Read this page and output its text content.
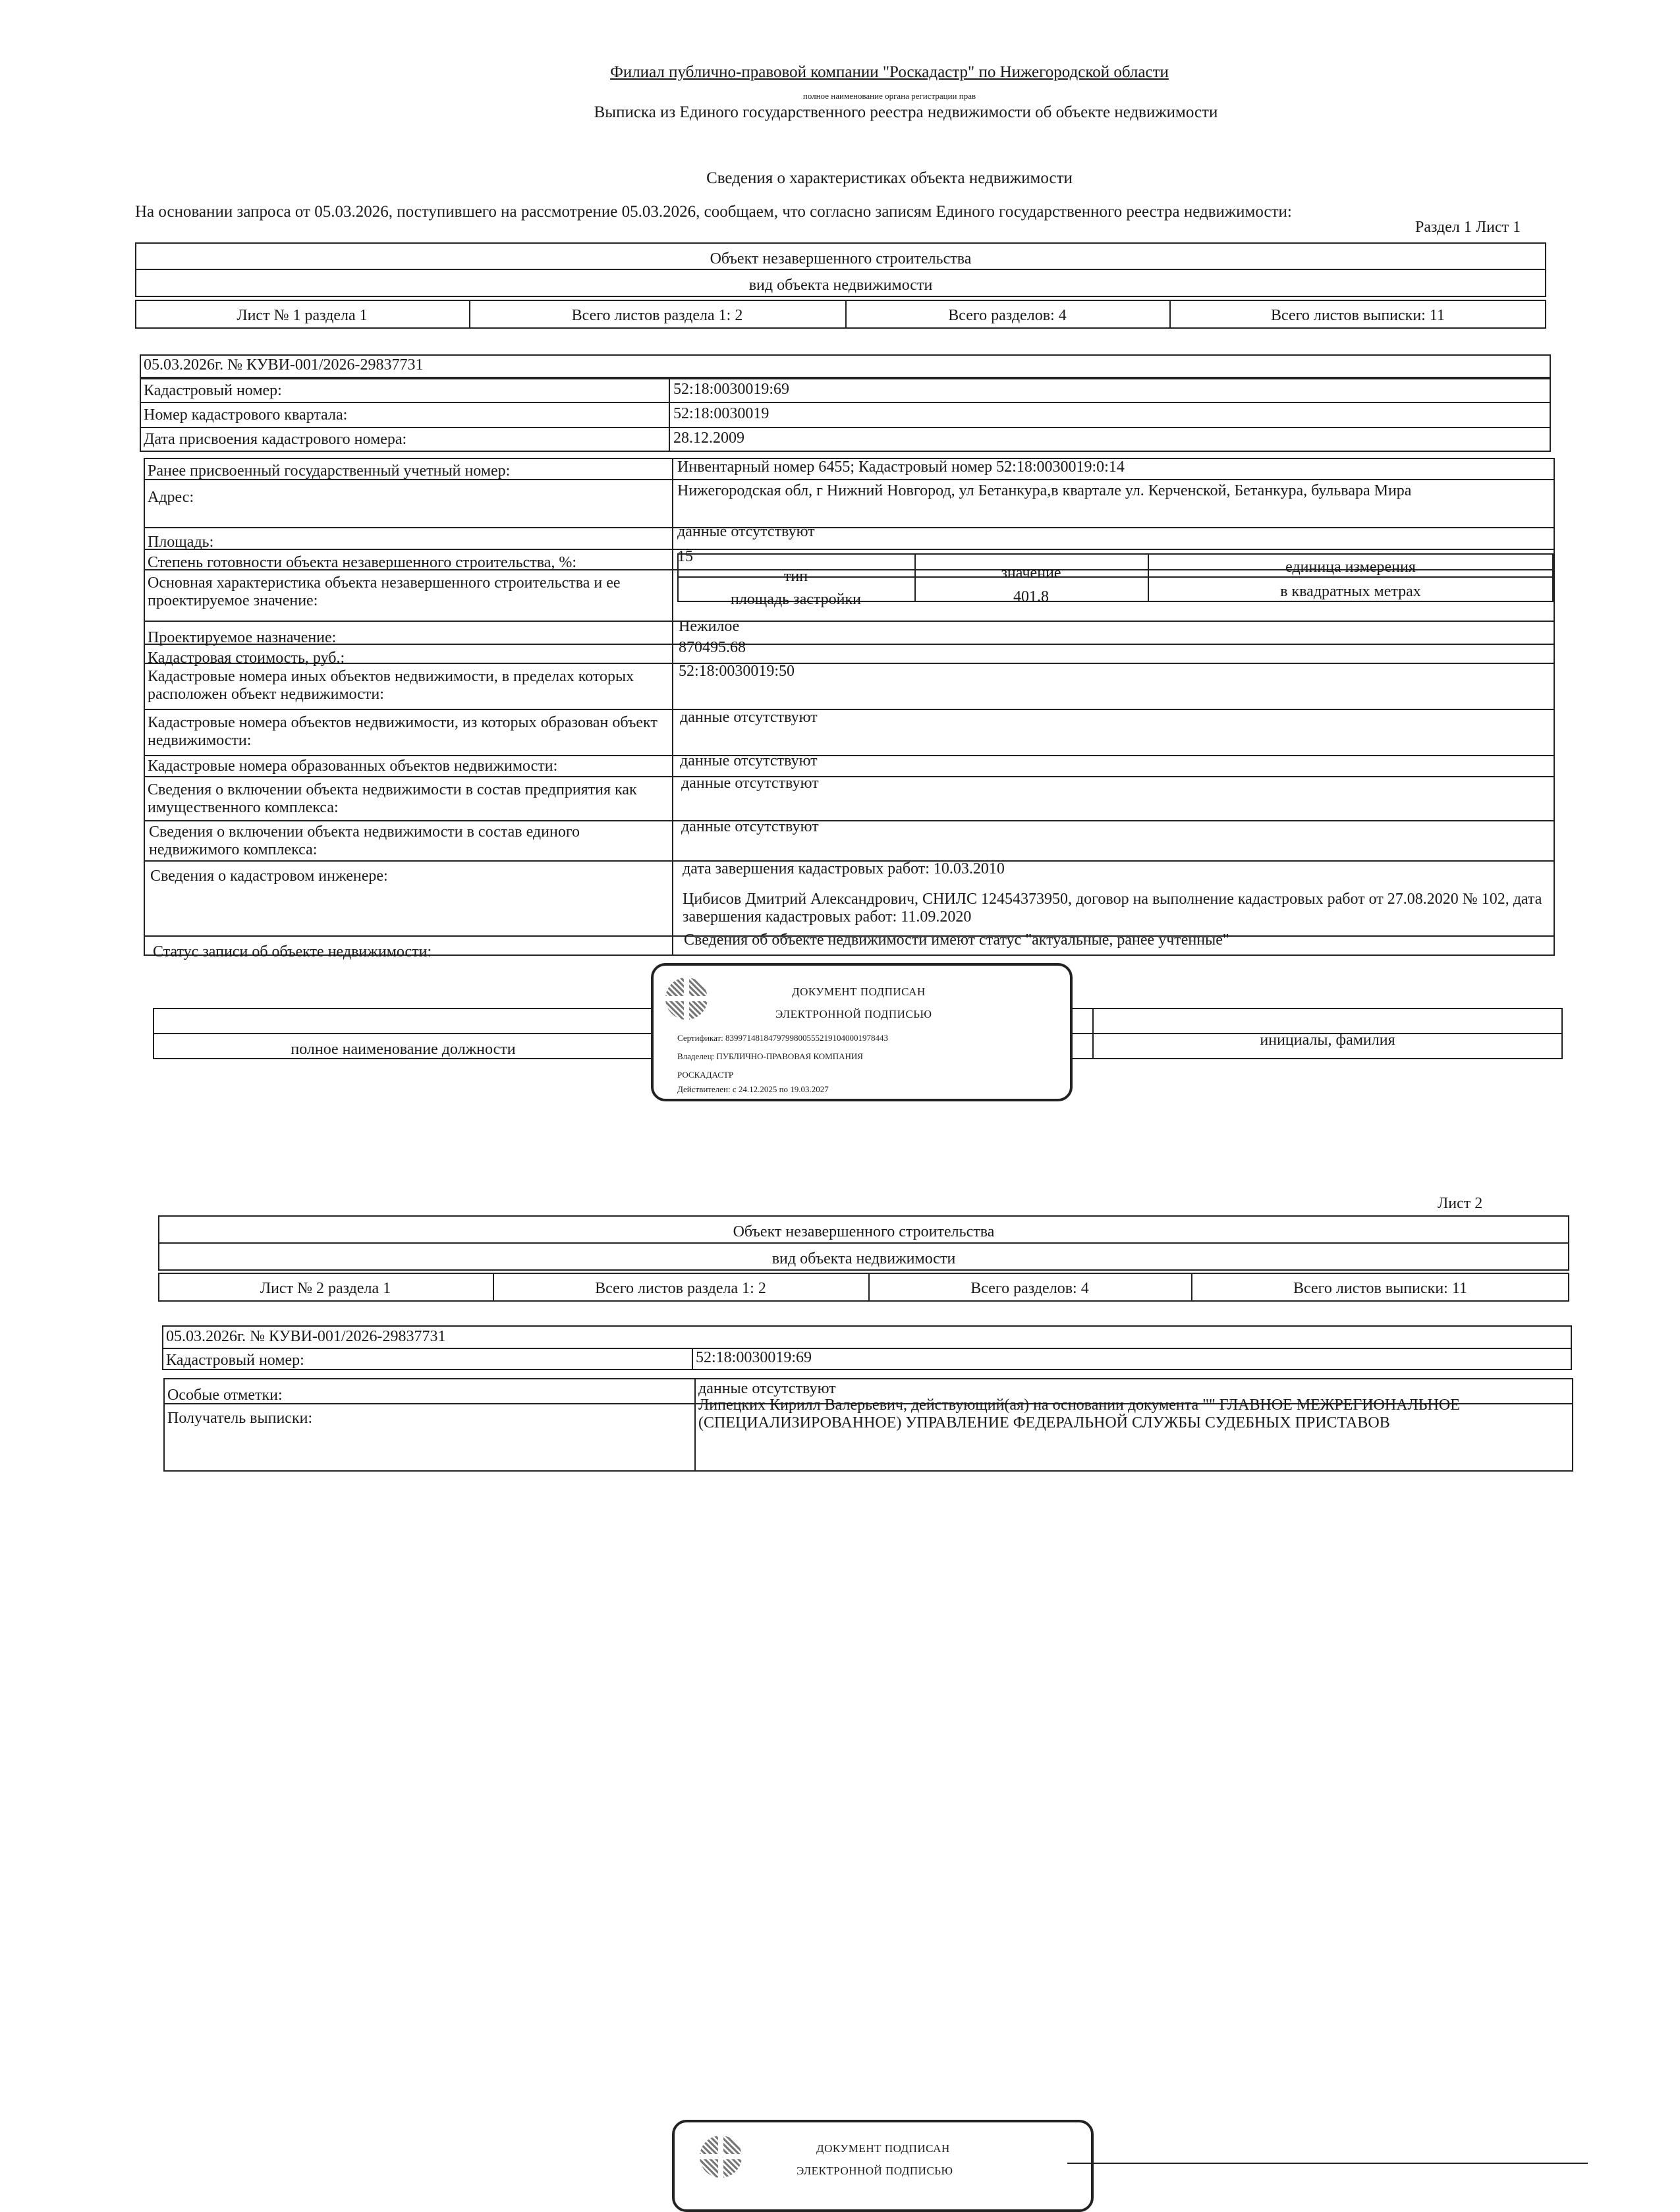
Филиал публично-правовой компании "Роскадастр" по Нижегородской области
полное наименование органа регистрации прав
Выписка из Единого государственного реестра недвижимости об объекте недвижимости
Сведения о характеристиках объекта недвижимости
На основании запроса от 05.03.2026, поступившего на рассмотрение 05.03.2026, сообщаем, что согласно записям Единого государственного реестра недвижимости:
Раздел 1 Лист 1
Объект незавершенного строительства
вид объекта недвижимости
Лист № 1 раздела 1	Всего листов раздела 1: 2	Всего разделов: 4	Всего листов выписки: 11
05.03.2026г. № КУВИ-001/2026-29837731
Кадастровый номер:	52:18:0030019:69
Номер кадастрового квартала:	52:18:0030019
Дата присвоения кадастрового номера:	28.12.2009
Ранее присвоенный государственный учетный номер:	Инвентарный номер 6455; Кадастровый номер 52:18:0030019:0:14
Адрес:	Нижегородская обл, г Нижний Новгород, ул Бетанкура,в квартале ул. Керченской, Бетанкура, бульвара Мира
Площадь:
данные отсутствуют
Степень готовности объекта незавершенного строительства, %:	15
Основная характеристика объекта незавершенного строительства и ее проектируемое значение:
тип	значение	единица измерения
площадь застройки	401.8	в квадратных метрах
Проектируемое назначение:
Нежилое
Кадастровая стоимость, руб.:
870495.68
Кадастровые номера иных объектов недвижимости, в пределах которых расположен объект недвижимости:
52:18:0030019:50
Кадастровые номера объектов недвижимости, из которых образован объект недвижимости:
данные отсутствуют
Кадастровые номера образованных объектов недвижимости:	данные отсутствуют
Сведения о включении объекта недвижимости в состав предприятия как имущественного комплекса:
данные отсутствуют
Сведения о включении объекта недвижимости в состав единого недвижимого комплекса:
данные отсутствуют
Сведения о кадастровом инженере:	дата завершения кадастровых работ: 10.03.2010
Цибисов Дмитрий Александрович, СНИЛС 12454373950, договор на выполнение кадастровых работ от 27.08.2020 № 102, дата завершения кадастровых работ: 11.09.2020
Статус записи об объекте недвижимости:
Сведения об объекте недвижимости имеют статус "актуальные, ранее учтенные"
полное наименование должности
инициалы, фамилия
ДОКУМЕНТ ПОДПИСАН
ЭЛЕКТРОННОЙ ПОДПИСЬЮ
Сертификат: 8399714818479799800555219104000197844З
Владелец: ПУБЛИЧНО-ПРАВОВАЯ КОМПАНИЯ
РОСКАДАСТР
Действителен: с 24.12.2025 по 19.03.2027
Лист 2
Объект незавершенного строительства
вид объекта недвижимости
Лист № 2 раздела 1	Всего листов раздела 1: 2	Всего разделов: 4	Всего листов выписки: 11
05.03.2026г. № КУВИ-001/2026-29837731
Кадастровый номер:	52:18:0030019:69
Особые отметки:	данные отсутствуют
Получатель выписки:
Липецких Кирилл Валерьевич, действующий(ая) на основании документа "" ГЛАВНОЕ МЕЖРЕГИОНАЛЬНОЕ (СПЕЦИАЛИЗИРОВАННОЕ) УПРАВЛЕНИЕ ФЕДЕРАЛЬНОЙ СЛУЖБЫ СУДЕБНЫХ ПРИСТАВОВ
ДОКУМЕНТ ПОДПИСАН
ЭЛЕКТРОННОЙ ПОДПИСЬЮ
